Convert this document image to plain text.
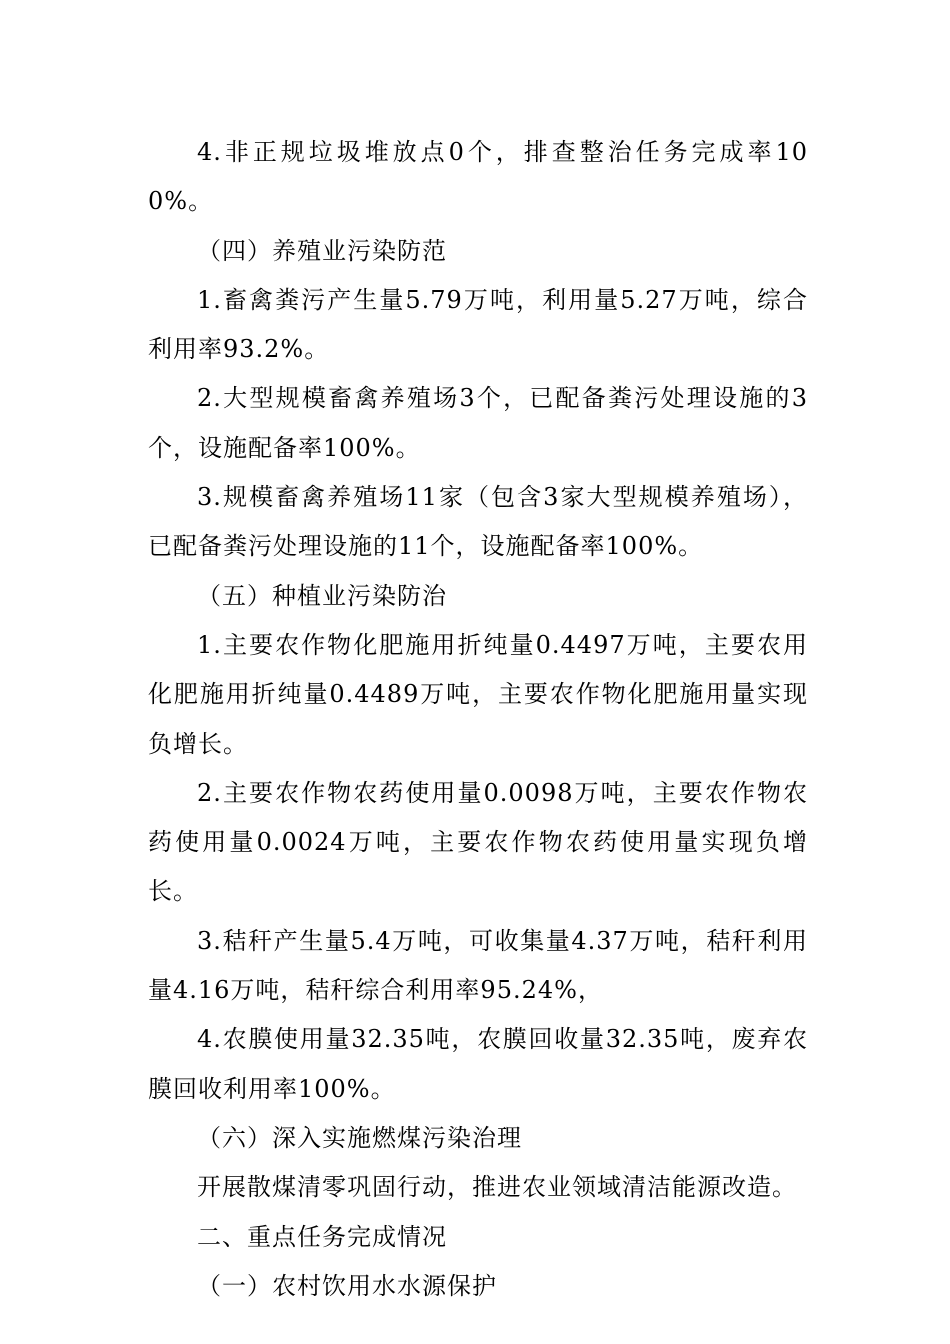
4.非正规垃圾堆放点0个，排查整治任务完成率100%。

（四）养殖业污染防范

1.畜禽粪污产生量5.79万吨，利用量5.27万吨，综合利用率93.2%。

2.大型规模畜禽养殖场3个，已配备粪污处理设施的3个，设施配备率100%。

3.规模畜禽养殖场11家（包含3家大型规模养殖场），已配备粪污处理设施的11个，设施配备率100%。

（五）种植业污染防治

1.主要农作物化肥施用折纯量0.4497万吨，主要农用化肥施用折纯量0.4489万吨，主要农作物化肥施用量实现负增长。

2.主要农作物农药使用量0.0098万吨，主要农作物农药使用量0.0024万吨，主要农作物农药使用量实现负增长。

3.秸秆产生量5.4万吨，可收集量4.37万吨，秸秆利用量4.16万吨，秸秆综合利用率95.24%，

4.农膜使用量32.35吨，农膜回收量32.35吨，废弃农膜回收利用率100%。

（六）深入实施燃煤污染治理

开展散煤清零巩固行动，推进农业领域清洁能源改造。

二、重点任务完成情况

（一）农村饮用水水源保护
